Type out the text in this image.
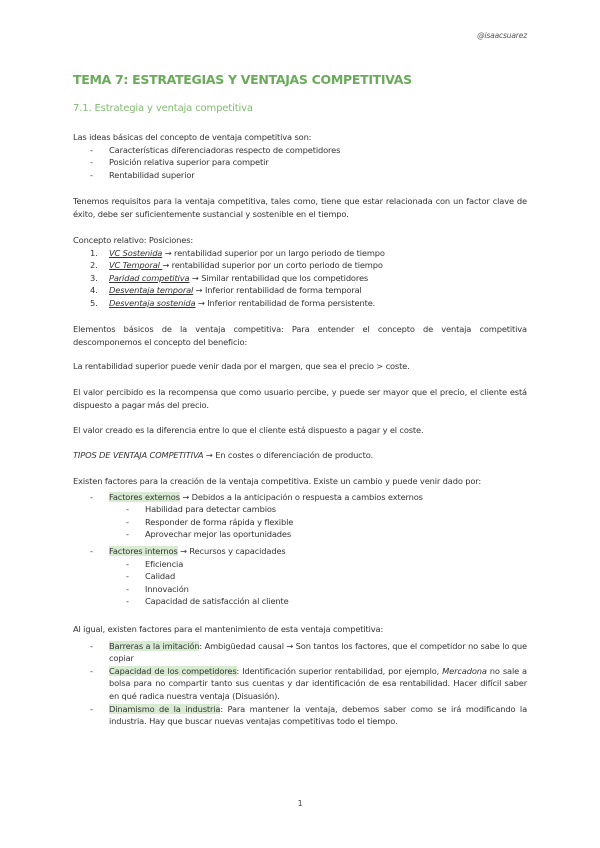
@isaacsuarez
TEMA 7: ESTRATEGIAS Y VENTAJAS COMPETITIVAS
7.1. Estrategia y ventaja competitiva
Las ideas básicas del concepto de ventaja competitiva son:
- Características diferenciadoras respecto de competidores
- Posición relativa superior para competir
- Rentabilidad superior
Tenemos requisitos para la ventaja competitiva, tales como, tiene que estar relacionada con un factor clave de éxito, debe ser suficientemente sustancial y sostenible en el tiempo.
Concepto relativo: Posiciones:
1. VC Sostenida → rentabilidad superior por un largo periodo de tiempo
2. VC Temporal → rentabilidad superior por un corto periodo de tiempo
3. Paridad competitiva → Similar rentabilidad que los competidores
4. Desventaja temporal → Inferior rentabilidad de forma temporal
5. Desventaja sostenida → Inferior rentabilidad de forma persistente.
Elementos básicos de la ventaja competitiva: Para entender el concepto de ventaja competitiva descomponemos el concepto del beneficio:
La rentabilidad superior puede venir dada por el margen, que sea el precio > coste.
El valor percibido es la recompensa que como usuario percibe, y puede ser mayor que el precio, el cliente está dispuesto a pagar más del precio.
El valor creado es la diferencia entre lo que el cliente está dispuesto a pagar y el coste.
TIPOS DE VENTAJA COMPETITIVA → En costes o diferenciación de producto.
Existen factores para la creación de la ventaja competitiva. Existe un cambio y puede venir dado por:
- Factores externos → Debidos a la anticipación o respuesta a cambios externos
- Habilidad para detectar cambios
- Responder de forma rápida y flexible
- Aprovechar mejor las oportunidades
- Factores internos → Recursos y capacidades
- Eficiencia
- Calidad
- Innovación
- Capacidad de satisfacción al cliente
Al igual, existen factores para el mantenimiento de esta ventaja competitiva:
- Barreras a la imitación: Ambigüedad causal → Son tantos los factores, que el competidor no sabe lo que copiar
- Capacidad de los competidores: Identificación superior rentabilidad, por ejemplo, Mercadona no sale a bolsa para no compartir tanto sus cuentas y dar identificación de esa rentabilidad. Hacer difícil saber en qué radica nuestra ventaja (Disuasión).
- Dinamismo de la industria: Para mantener la ventaja, debemos saber como se irá modificando la industria. Hay que buscar nuevas ventajas competitivas todo el tiempo.
1
